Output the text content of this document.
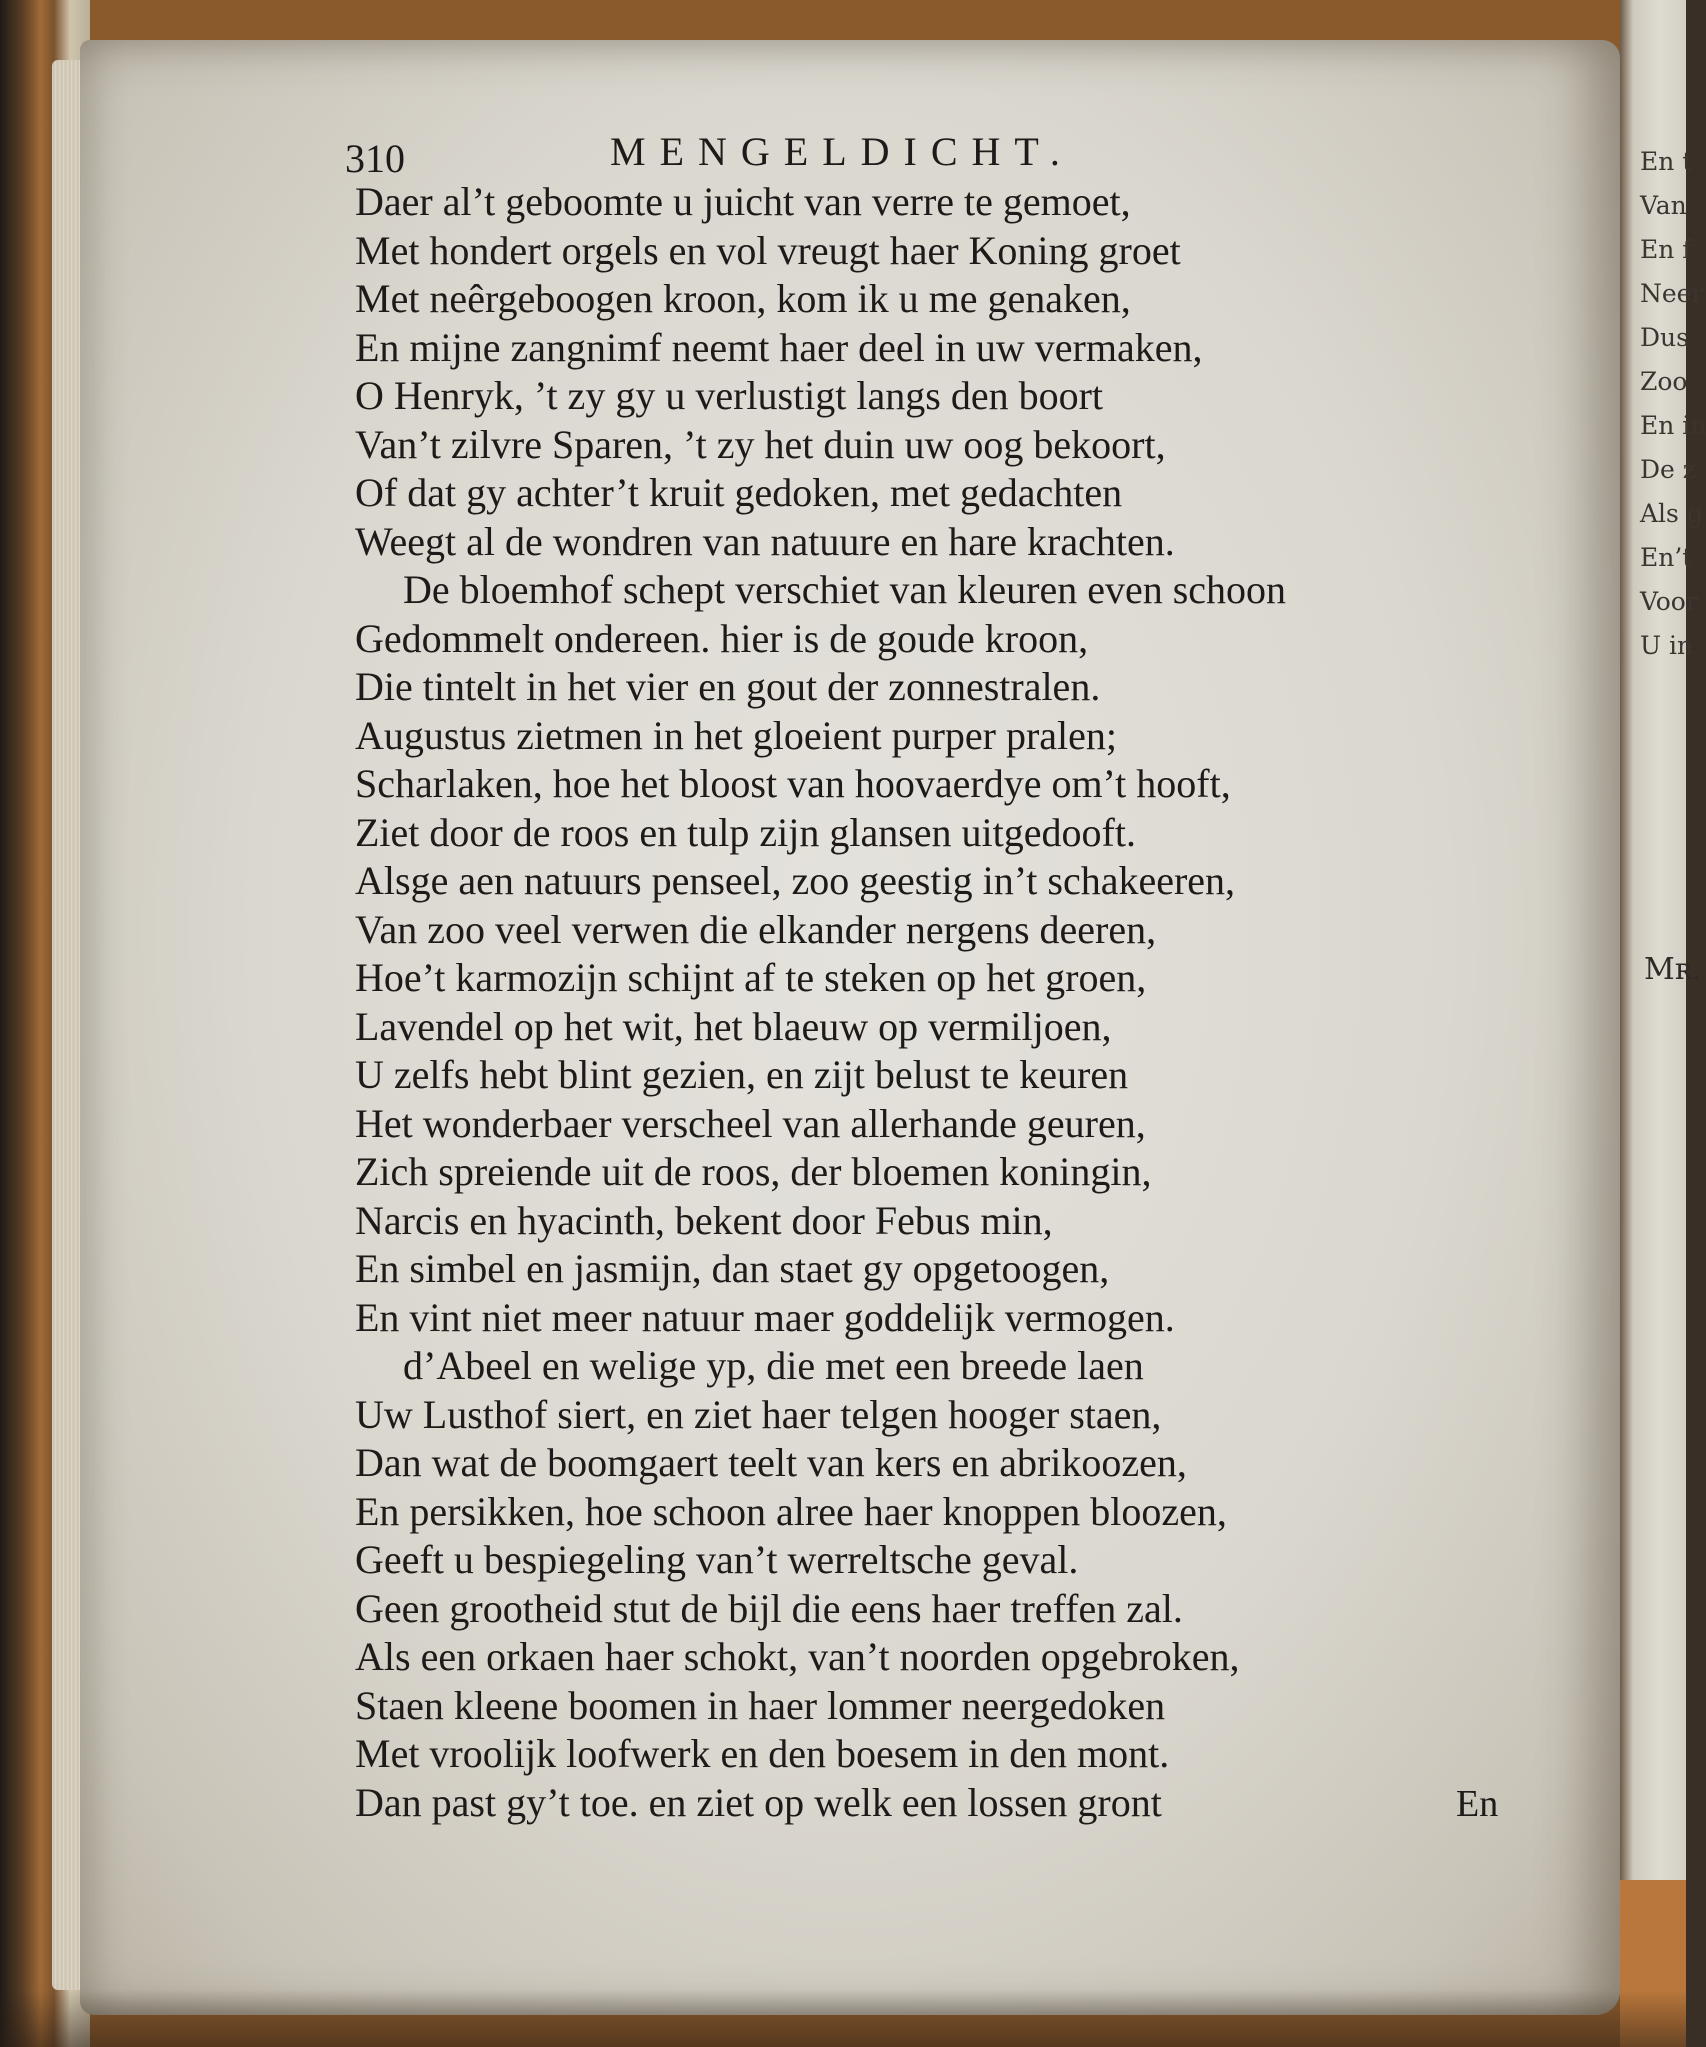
310	MENGELDICHT.
Daer al’t geboomte u juicht van verre te gemoet,
Met hondert orgels en vol vreugt haer Koning groet
Met neêrgeboogen kroon, kom ik u me genaken,
En mijne zangnimf neemt haer deel in uw vermaken,
O Henryk, ’t zy gy u verlustigt langs den boort
Van’t zilvre Sparen, ’t zy het duin uw oog bekoort,
Of dat gy achter’t kruit gedoken, met gedachten
Weegt al de wondren van natuure en hare krachten.
De bloemhof schept verschiet van kleuren even schoon
Gedommelt ondereen. hier is de goude kroon,
Die tintelt in het vier en gout der zonnestralen.
Augustus zietmen in het gloeient purper pralen;
Scharlaken, hoe het bloost van hoovaerdye om’t hooft,
Ziet door de roos en tulp zijn glansen uitgedooft.
Alsge aen natuurs penseel, zoo geestig in’t schakeeren,
Van zoo veel verwen die elkander nergens deeren,
Hoe’t karmozijn schijnt af te steken op het groen,
Lavendel op het wit, het blaeuw op vermiljoen,
U zelfs hebt blint gezien, en zijt belust te keuren
Het wonderbaer verscheel van allerhande geuren,
Zich spreiende uit de roos, der bloemen koningin,
Narcis en hyacinth, bekent door Febus min,
En simbel en jasmijn, dan staet gy opgetoogen,
En vint niet meer natuur maer goddelijk vermogen.
d’Abeel en welige yp, die met een breede laen
Uw Lusthof siert, en ziet haer telgen hooger staen,
Dan wat de boomgaert teelt van kers en abrikoozen,
En persikken, hoe schoon alree haer knoppen bloozen,
Geeft u bespiegeling van’t werreltsche geval.
Geen grootheid stut de bijl die eens haer treffen zal.
Als een orkaen haer schokt, van’t noorden opgebroken,
Staen kleene boomen in haer lommer neergedoken
Met vroolijk loofwerk en den boesem in den mont.
Dan past gy’t toe. en ziet op welk een lossen gront	En
En t
Van
En f
Neer
Dus
Zoo
En in
De z
Als g
En’t
Voor
U in
Mʀ.
